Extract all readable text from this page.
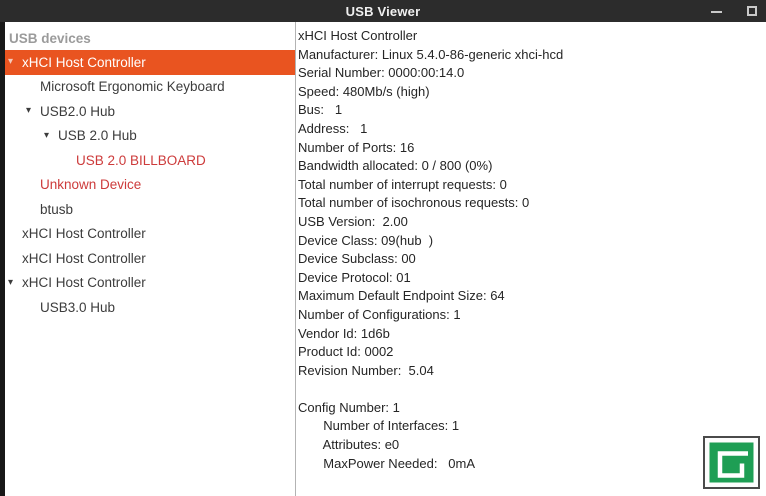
USB Viewer
USB devices
▾ xHCI Host Controller
Microsoft Ergonomic Keyboard
▾ USB2.0 Hub
▾ USB 2.0 Hub
USB 2.0 BILLBOARD
Unknown Device
btusb
xHCI Host Controller
xHCI Host Controller
▾ xHCI Host Controller
USB3.0 Hub
xHCI Host Controller
Manufacturer: Linux 5.4.0-86-generic xhci-hcd
Serial Number: 0000:00:14.0
Speed: 480Mb/s (high)
Bus:   1
Address:   1
Number of Ports: 16
Bandwidth allocated: 0 / 800 (0%)
Total number of interrupt requests: 0
Total number of isochronous requests: 0
USB Version:  2.00
Device Class: 09(hub  )
Device Subclass: 00
Device Protocol: 01
Maximum Default Endpoint Size: 64
Number of Configurations: 1
Vendor Id: 1d6b
Product Id: 0002
Revision Number:  5.04

Config Number: 1
Number of Interfaces: 1
Attributes: e0
MaxPower Needed:   0mA
